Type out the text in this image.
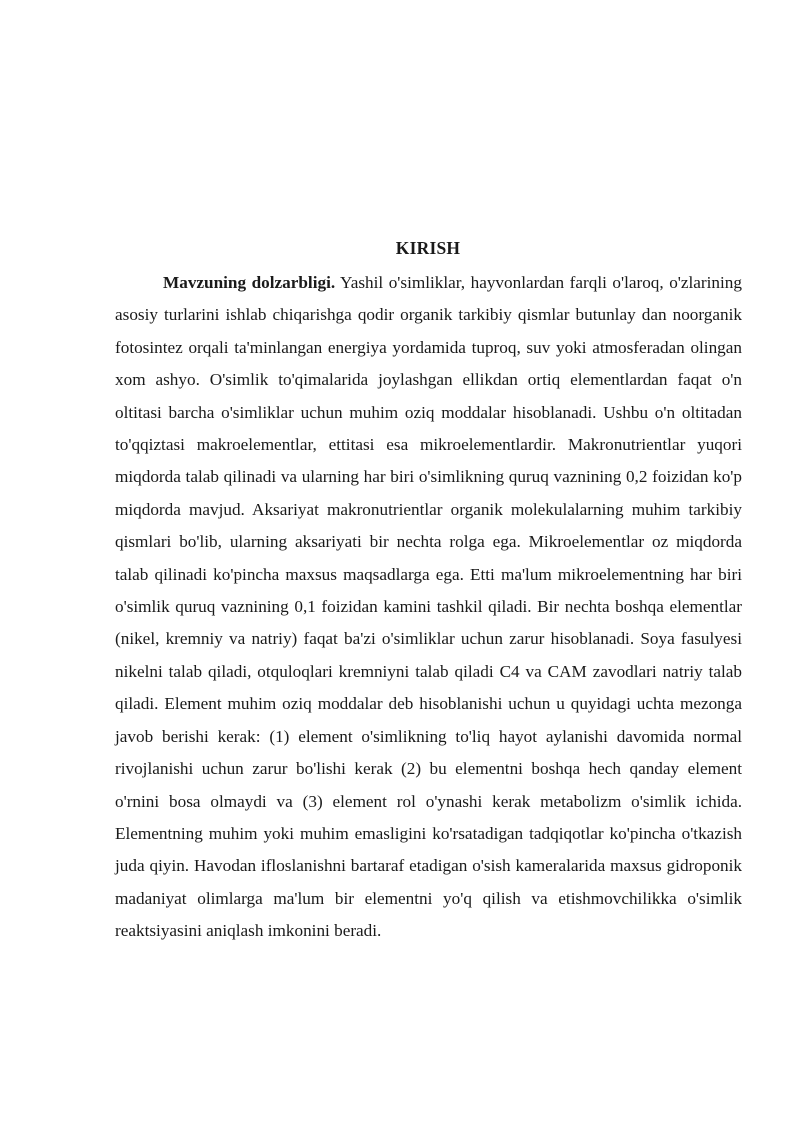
KIRISH

Mavzuning dolzarbligi. Yashil o'simliklar, hayvonlardan farqli o'laroq, o'zlarining asosiy turlarini ishlab chiqarishga qodir organik tarkibiy qismlar butunlay dan noorganik fotosintez orqali ta'minlangan energiya yordamida tuproq, suv yoki atmosferadan olingan xom ashyo. O'simlik to'qimalarida joylashgan ellikdan ortiq elementlardan faqat o'n oltitasi barcha o'simliklar uchun muhim oziq moddalar hisoblanadi. Ushbu o'n oltitadan to'qqiztasi makroelementlar, ettitasi esa mikroelementlardir. Makronutrientlar yuqori miqdorda talab qilinadi va ularning har biri o'simlikning quruq vaznining 0,2 foizidan ko'p miqdorda mavjud. Aksariyat makronutrientlar organik molekulalarning muhim tarkibiy qismlari bo'lib, ularning aksariyati bir nechta rolga ega. Mikroelementlar oz miqdorda talab qilinadi ko'pincha maxsus maqsadlarga ega. Etti ma'lum mikroelementning har biri o'simlik quruq vaznining 0,1 foizidan kamini tashkil qiladi. Bir nechta boshqa elementlar (nikel, kremniy va natriy) faqat ba'zi o'simliklar uchun zarur hisoblanadi. Soya fasulyesi nikelni talab qiladi, otquloqlari kremniyni talab qiladi C4 va CAM zavodlari natriy talab qiladi. Element muhim oziq moddalar deb hisoblanishi uchun u quyidagi uchta mezonga javob berishi kerak: (1) element o'simlikning to'liq hayot aylanishi davomida normal rivojlanishi uchun zarur bo'lishi kerak (2) bu elementni boshqa hech qanday element o'rnini bosa olmaydi va (3) element rol o'ynashi kerak metabolizm o'simlik ichida. Elementning muhim yoki muhim emasligini ko'rsatadigan tadqiqotlar ko'pincha o'tkazish juda qiyin. Havodan ifloslanishni bartaraf etadigan o'sish kameralarida maxsus gidroponik madaniyat olimlarga ma'lum bir elementni yo'q qilish va etishmovchilikka o'simlik reaktsiyasini aniqlash imkonini beradi.
